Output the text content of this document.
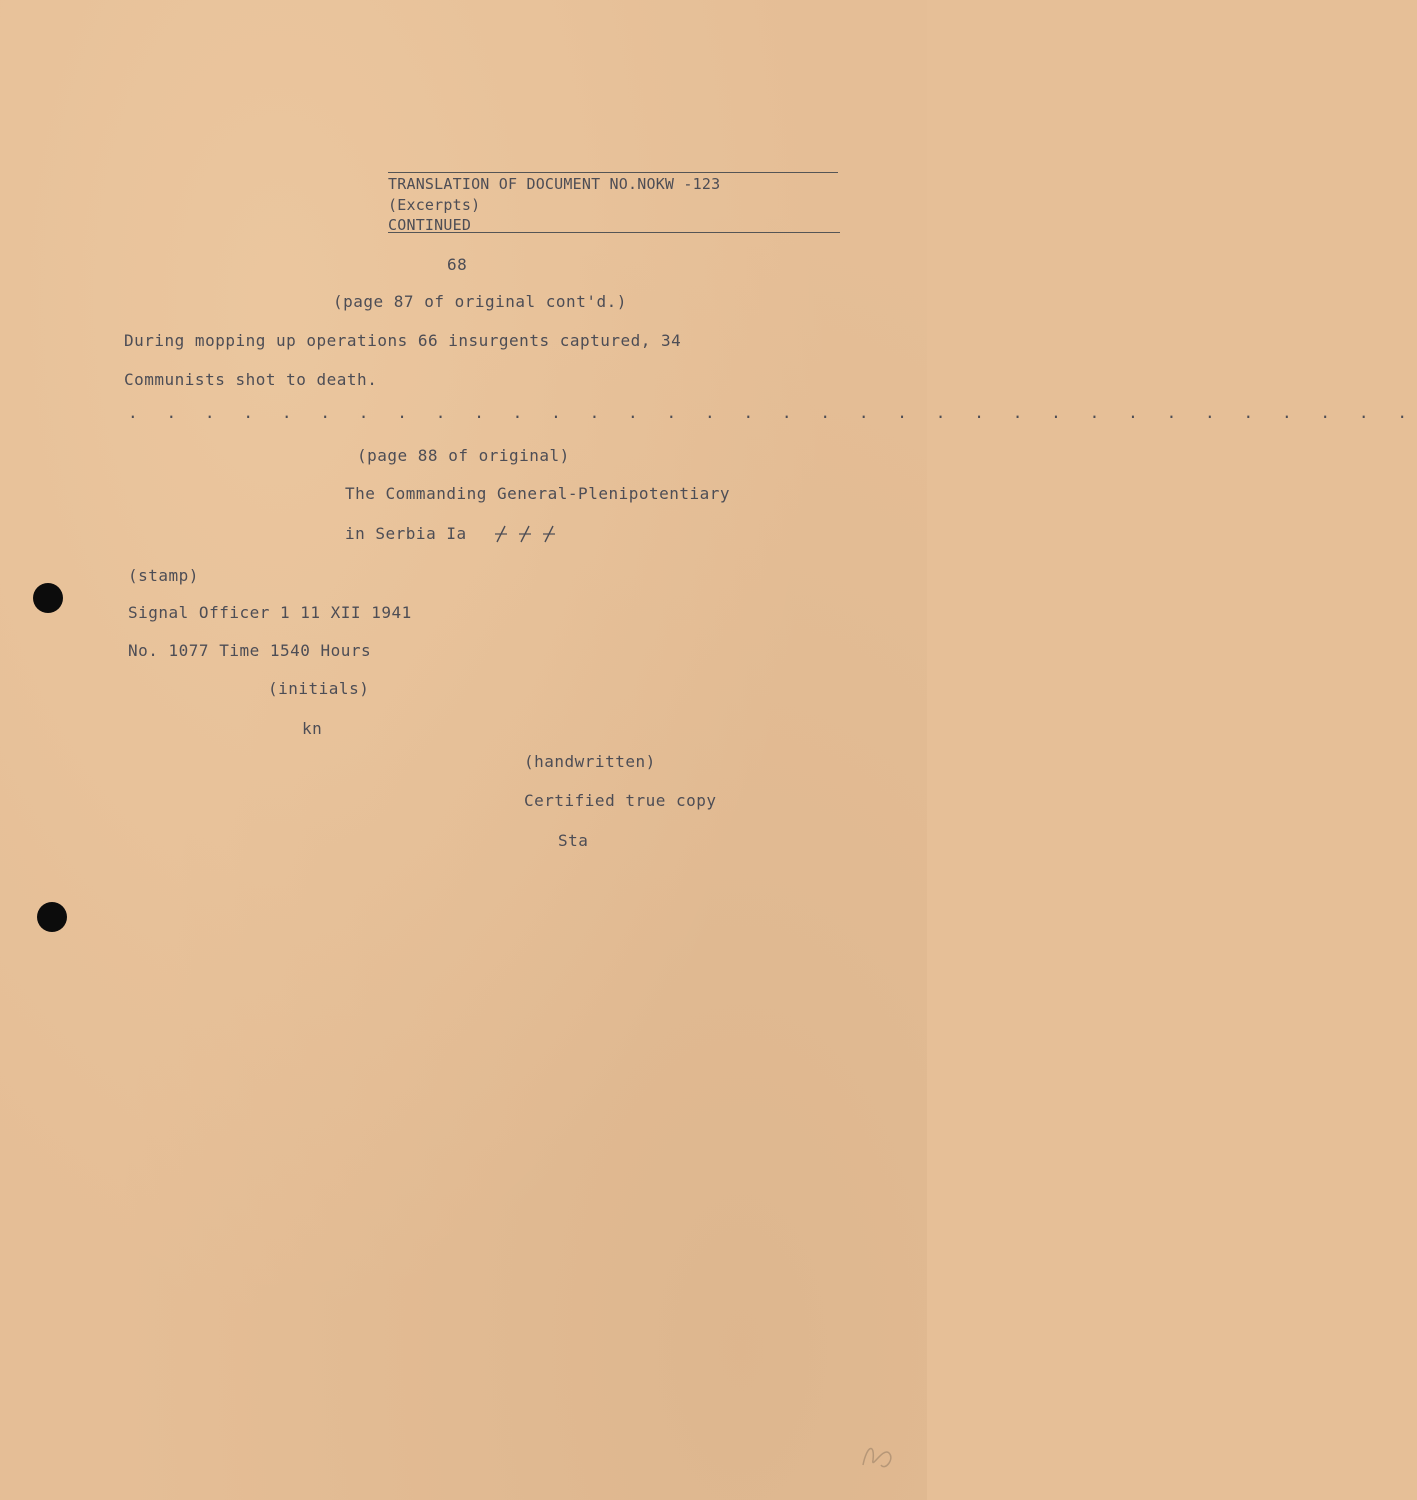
TRANSLATION OF DOCUMENT NO.NOKW -123
(Excerpts)
CONTINUED
68
(page 87 of original cont'd.)
During mopping up operations 66 insurgents captured, 34
Communists shot to death.
. . . . . . . . . . . . . . . . . . . . . . . . . . . . . . . . . .
(page 88 of original)
The Commanding General-Plenipotentiary
in Serbia Ia
(stamp)
Signal Officer 1 11 XII 1941
No. 1077 Time 1540 Hours
(initials)
kn
(handwritten)
Certified true copy
Sta
